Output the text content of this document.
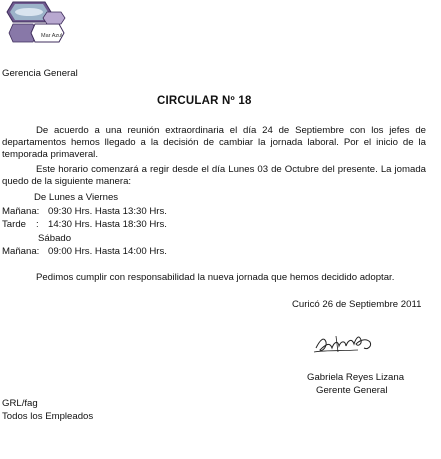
Mar Azul
Gerencia General
CIRCULAR Nº 18
De acuerdo a una reunión extraordinaria el día 24 de Septiembre con los jefes de departamentos hemos llegado a la decisión de cambiar la jornada laboral. Por el inicio de la temporada primaveral.
Este horario comenzará a regir desde el día Lunes 03 de Octubre del presente. La jomada quedo de la siguiente manera:
De Lunes a Viernes
Mañana: 09:30 Hrs. Hasta 13:30 Hrs.
Tarde : 14:30 Hrs. Hasta 18:30 Hrs.
Sábado
Mañana: 09:00 Hrs. Hasta 14:00 Hrs.
Pedimos cumplir con responsabilidad la nueva jornada que hemos decidido adoptar.
Curicó 26 de Septiembre 2011
Gabriela Reyes Lizana
Gerente General
GRL/fag
Todos los Empleados
